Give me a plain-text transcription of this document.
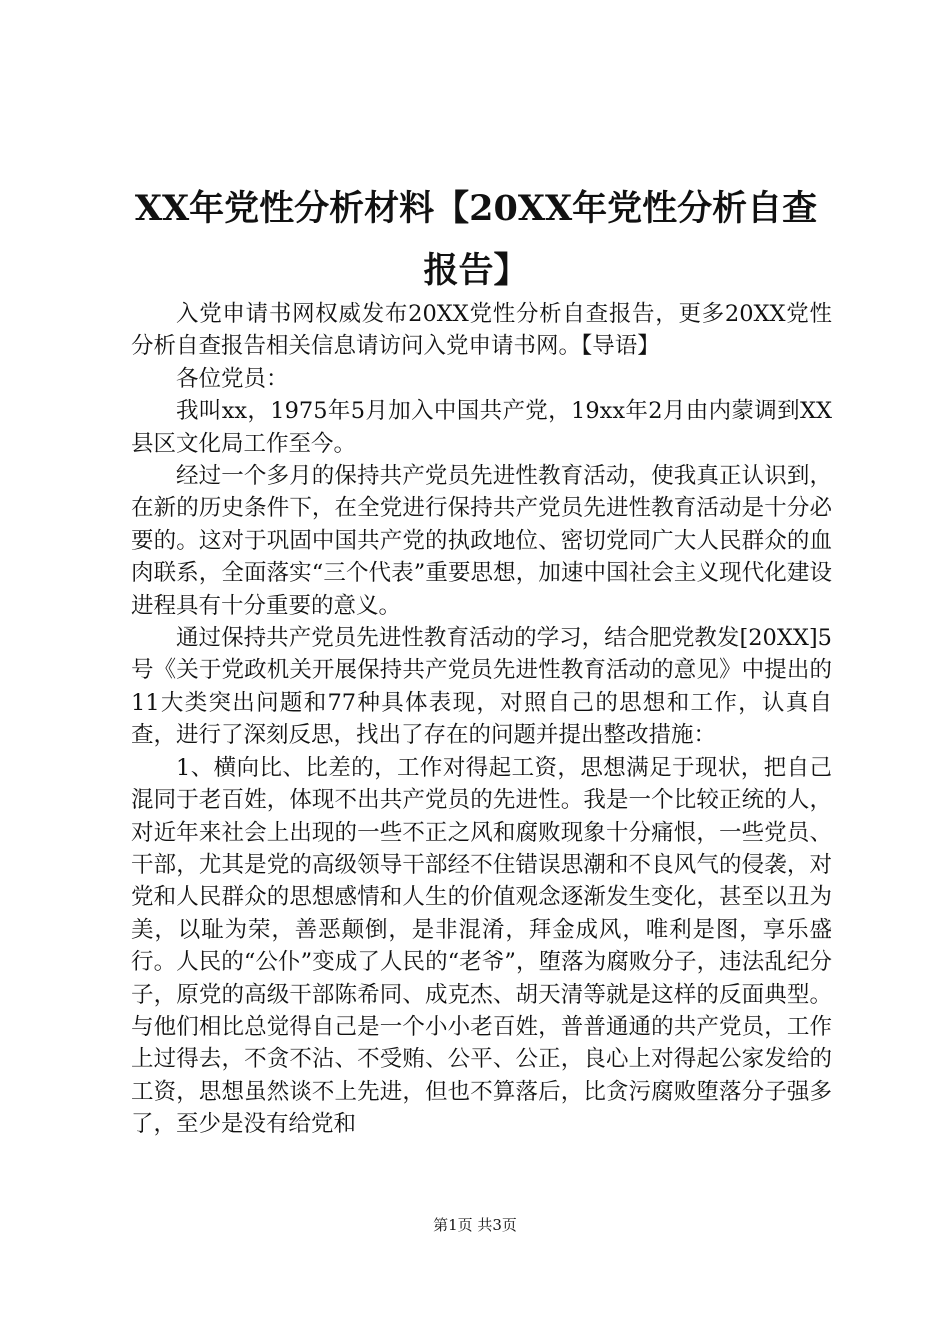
XX年党性分析材料【20XX年党性分析自查报告】

入党申请书网权威发布20XX党性分析自查报告，更多20XX党性分析自查报告相关信息请访问入党申请书网。【导语】

各位党员：

我叫xx，1975年5月加入中国共产党，19xx年2月由内蒙调到XX县区文化局工作至今。

经过一个多月的保持共产党员先进性教育活动，使我真正认识到，在新的历史条件下，在全党进行保持共产党员先进性教育活动是十分必要的。这对于巩固中国共产党的执政地位、密切党同广大人民群众的血肉联系，全面落实“三个代表”重要思想，加速中国社会主义现代化建设进程具有十分重要的意义。

通过保持共产党员先进性教育活动的学习，结合肥党教发[20XX]5号《关于党政机关开展保持共产党员先进性教育活动的意见》中提出的11大类突出问题和77种具体表现，对照自己的思想和工作，认真自查，进行了深刻反思，找出了存在的问题并提出整改措施：

1、横向比、比差的，工作对得起工资，思想满足于现状，把自己混同于老百姓，体现不出共产党员的先进性。我是一个比较正统的人，对近年来社会上出现的一些不正之风和腐败现象十分痛恨，一些党员、干部，尤其是党的高级领导干部经不住错误思潮和不良风气的侵袭，对党和人民群众的思想感情和人生的价值观念逐渐发生变化，甚至以丑为美，以耻为荣，善恶颠倒，是非混淆，拜金成风，唯利是图，享乐盛行。人民的“公仆”变成了人民的“老爷”，堕落为腐败分子，违法乱纪分子，原党的高级干部陈希同、成克杰、胡天清等就是这样的反面典型。与他们相比总觉得自己是一个小小老百姓，普普通通的共产党员，工作上过得去，不贪不沾、不受贿、公平、公正，良心上对得起公家发给的工资，思想虽然谈不上先进，但也不算落后，比贪污腐败堕落分子强多了，至少是没有给党和

第1页 共3页
